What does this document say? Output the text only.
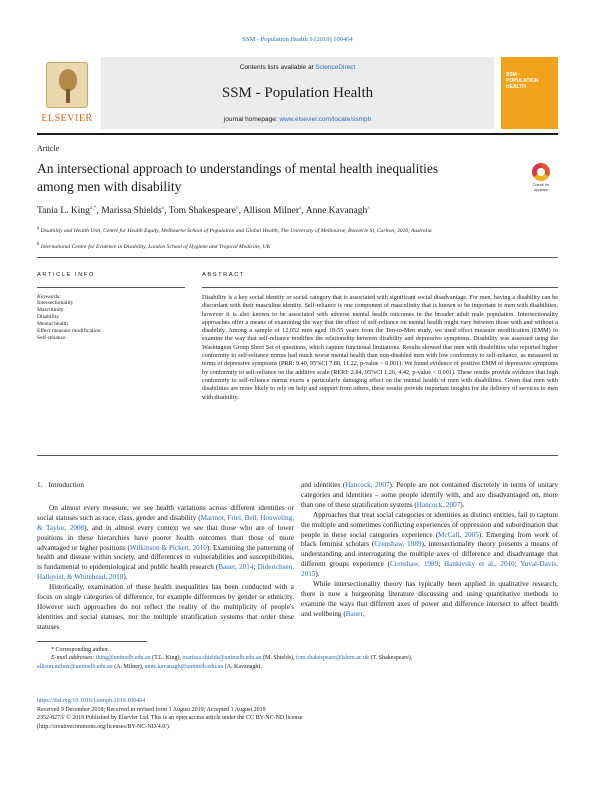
SSM - Population Health 9 (2019) 100464
ELSEVIER
Contents lists available at ScienceDirect
SSM - Population Health
journal homepage: www.elsevier.com/locate/ssmph
SSM - POPULATION HEALTH
Article
An intersectional approach to understandings of mental health inequalities among men with disability	Check for updates
Tania L. King$^{a,*}$, Marissa Shields$^a$, Tom Shakespeare$^b$, Allison Milner$^a$, Anne Kavanagh$^a$
$^a$ Disability and Health Unit, Centre for Health Equity, Melbourne School of Population and Global Health, The University of Melbourne, Bouverie St, Carlton, 3010, Australia
$^b$ International Centre for Evidence in Disability, London School of Hygiene and Tropical Medicine, UK
ARTICLE INFO	ABSTRACT
Keywords:
Intersectionality
Masculinity
Disability
Mental health
Effect measure modification
Self-reliance

Disability is a key social identity or social category that is associated with significant social disadvantage. For men, having a disability can be discordant with their masculine identity. Self-reliance is one component of masculinity that is known to be important to men with disabilities, however it is also known to be associated with adverse mental health outcomes in the broader adult male population. Intersectionality approaches offer a means of examining the way that the effect of self-reliance on mental health might vary between those with and without a disability. Among a sample of 12,052 men aged 18-55 years from the Ten-to-Men study, we used effect measure modification (EMM) to examine the way that self-reliance modifies the relationship between disability and depressive symptoms. Disability was assessed using the Washington Group Short Set of questions, which capture functional limitations. Results showed that men with disabilities who reported higher conformity to self-reliance norms had much worse mental health than non-disabled men with low conformity to self-reliance, as measured in terms of depressive symptoms (PRR: 9.40, 95%CI 7.88, 11.22, p-value < 0.001). We found evidence of positive EMM of depressive symptoms by conformity to self-reliance on the additive scale (RERI: 2.84, 95%CI 1.26, 4.42, p-value < 0.001). These results provide evidence that high conformity to self-reliance norms exerts a particularly damaging effect on the mental health of men with disabilities. Given that men with disabilities are more likely to rely on help and support from others, these results provide important insights for the delivery of services to men with disability.

1. Introduction

On almost every measure, we see health variations across different identities or social statuses such as race, class, gender and disability (Marmot, Friel, Bell, Houweling, & Taylor, 2008), and in almost every context we see that those who are of lower positions in these hierarchies have poorer health outcomes than those of more advantaged or higher positions (Wilkinson & Pickett, 2010). Examining the patterning of health and disease within society, and differences in vulnerabilities and susceptibilities, is fundamental to epidemiological and public health research (Bauer, 2014; Diderichsen, Hallqvist, & Whitehead, 2018).

Historically, examination of these health inequalities has been conducted with a focus on single categories of difference, for example differences by gender or ethnicity. However such approaches do not reflect the reality of the multiplicity of people's identities and social statuses, nor the multiple stratification systems that order these statuses

and identities (Hancock, 2007). People are not contained discretely in terms of unitary categories and identities – some people identify with, and are disadvantaged on, more than one of these stratification systems (Hancock, 2007).

Approaches that treat social categories or identities as distinct entities, fail to capture the multiple and sometimes conflicting experiences of oppression and subordination that people in these social categories experience (McCall, 2005). Emerging from work of black feminist scholars (Crenshaw, 1989), intersectionality theory presents a means of understanding and interrogating the multiple axes of difference and disadvantage that different groups experience (Crenshaw, 1989; Hankivsky et al., 2010; Yuval-Davis, 2015).

While intersectionality theory has typically been applied in qualitative research, there is now a burgeoning literature discussing and using quantitative methods to examine the ways that different axes of power and difference intersect to affect health and wellbeing (Bauer,

* Corresponding author.
E-mail addresses: tking@unimelb.edu.au (T.L. King), marissa.shields@unimelb.edu.au (M. Shields), tom.shakespeare@lshtm.ac.uk (T. Shakespeare),
allison.milner@unimelb.edu.au (A. Milner), anne.kavanagh@unimelb.edu.au (A. Kavanagh).
https://doi.org/10.1016/j.ssmph.2019.100464
Received 9 December 2018; Received in revised form 1 August 2019; Accepted 1 August 2019
2352-8273/ © 2019 Published by Elsevier Ltd. This is an open access article under the CC BY-NC-ND license
(http://creativecommons.org/licenses/BY-NC-ND/4.0/).
